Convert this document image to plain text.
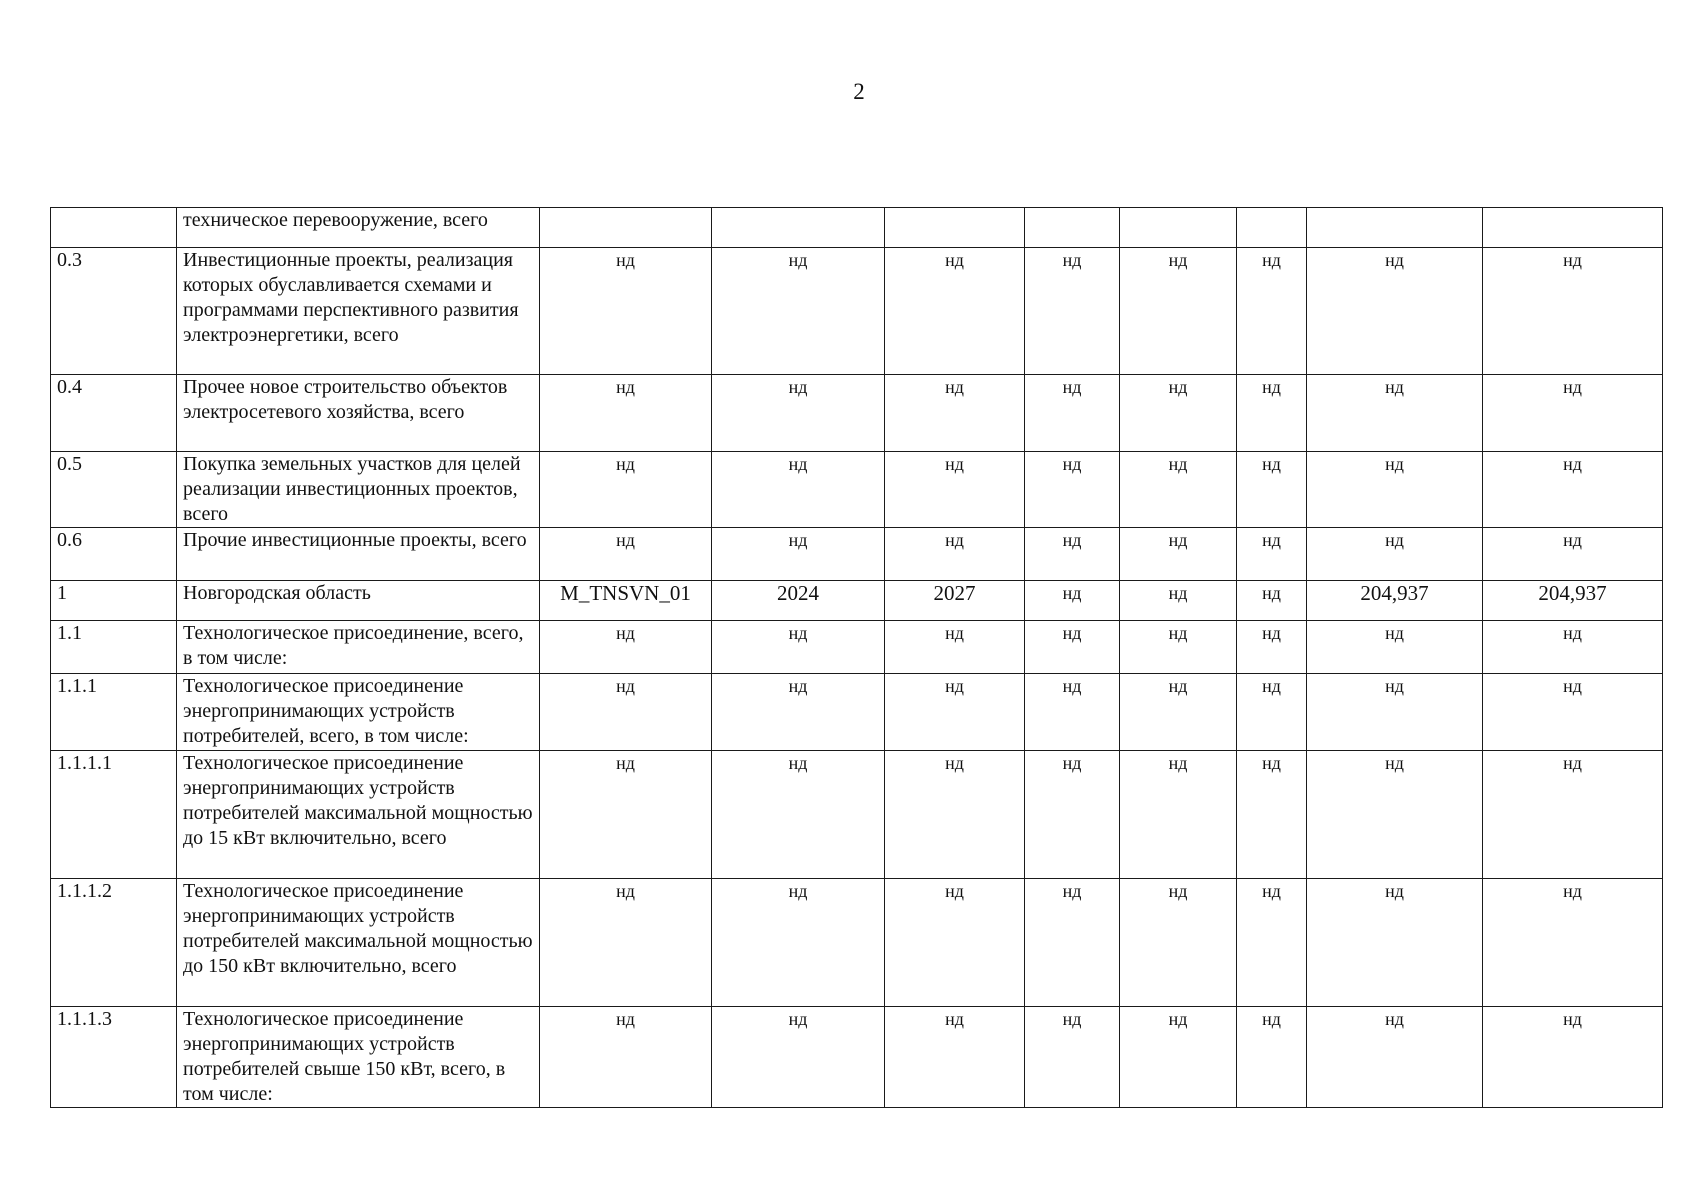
2
	техническое перевооружение, всего								
0.3	Инвестиционные проекты, реализация которых обуславливается схемами и программами перспективного развития электроэнергетики, всего	нд	нд	нд	нд	нд	нд	нд	нд
0.4	Прочее новое строительство объектов электросетевого хозяйства, всего	нд	нд	нд	нд	нд	нд	нд	нд
0.5	Покупка земельных участков для целей реализации инвестиционных проектов, всего	нд	нд	нд	нд	нд	нд	нд	нд
0.6	Прочие инвестиционные проекты, всего	нд	нд	нд	нд	нд	нд	нд	нд
1	Новгородская область	M_TNSVN_01	2024	2027	нд	нд	нд	204,937	204,937
1.1	Технологическое присоединение, всего, в том числе:	нд	нд	нд	нд	нд	нд	нд	нд
1.1.1	Технологическое присоединение энергопринимающих устройств потребителей, всего, в том числе:	нд	нд	нд	нд	нд	нд	нд	нд
1.1.1.1	Технологическое присоединение энергопринимающих устройств потребителей максимальной мощностью до 15 кВт включительно, всего	нд	нд	нд	нд	нд	нд	нд	нд
1.1.1.2	Технологическое присоединение энергопринимающих устройств потребителей максимальной мощностью до 150 кВт включительно, всего	нд	нд	нд	нд	нд	нд	нд	нд
1.1.1.3	Технологическое присоединение энергопринимающих устройств потребителей свыше 150 кВт, всего, в том числе:	нд	нд	нд	нд	нд	нд	нд	нд
